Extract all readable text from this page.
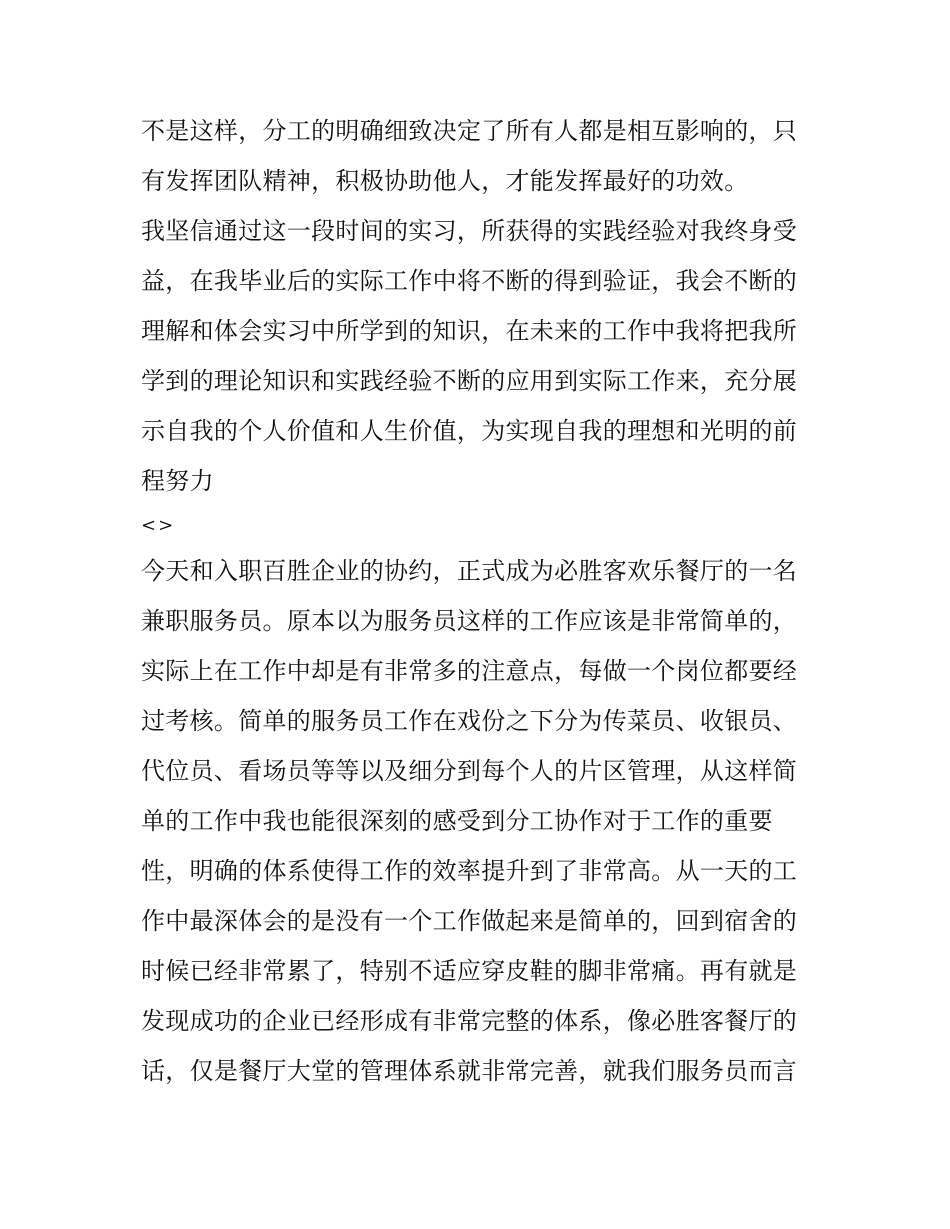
不是这样，分工的明确细致决定了所有人都是相互影响的，只
有发挥团队精神，积极协助他人，才能发挥最好的功效。
我坚信通过这一段时间的实习，所获得的实践经验对我终身受
益，在我毕业后的实际工作中将不断的得到验证，我会不断的
理解和体会实习中所学到的知识，在未来的工作中我将把我所
学到的理论知识和实践经验不断的应用到实际工作来，充分展
示自我的个人价值和人生价值，为实现自我的理想和光明的前
程努力
<>
今天和入职百胜企业的协约，正式成为必胜客欢乐餐厅的一名
兼职服务员。原本以为服务员这样的工作应该是非常简单的，
实际上在工作中却是有非常多的注意点，每做一个岗位都要经
过考核。简单的服务员工作在戏份之下分为传菜员、收银员、
代位员、看场员等等以及细分到每个人的片区管理，从这样简
单的工作中我也能很深刻的感受到分工协作对于工作的重要
性，明确的体系使得工作的效率提升到了非常高。从一天的工
作中最深体会的是没有一个工作做起来是简单的，回到宿舍的
时候已经非常累了，特别不适应穿皮鞋的脚非常痛。再有就是
发现成功的企业已经形成有非常完整的体系，像必胜客餐厅的
话，仅是餐厅大堂的管理体系就非常完善，就我们服务员而言
